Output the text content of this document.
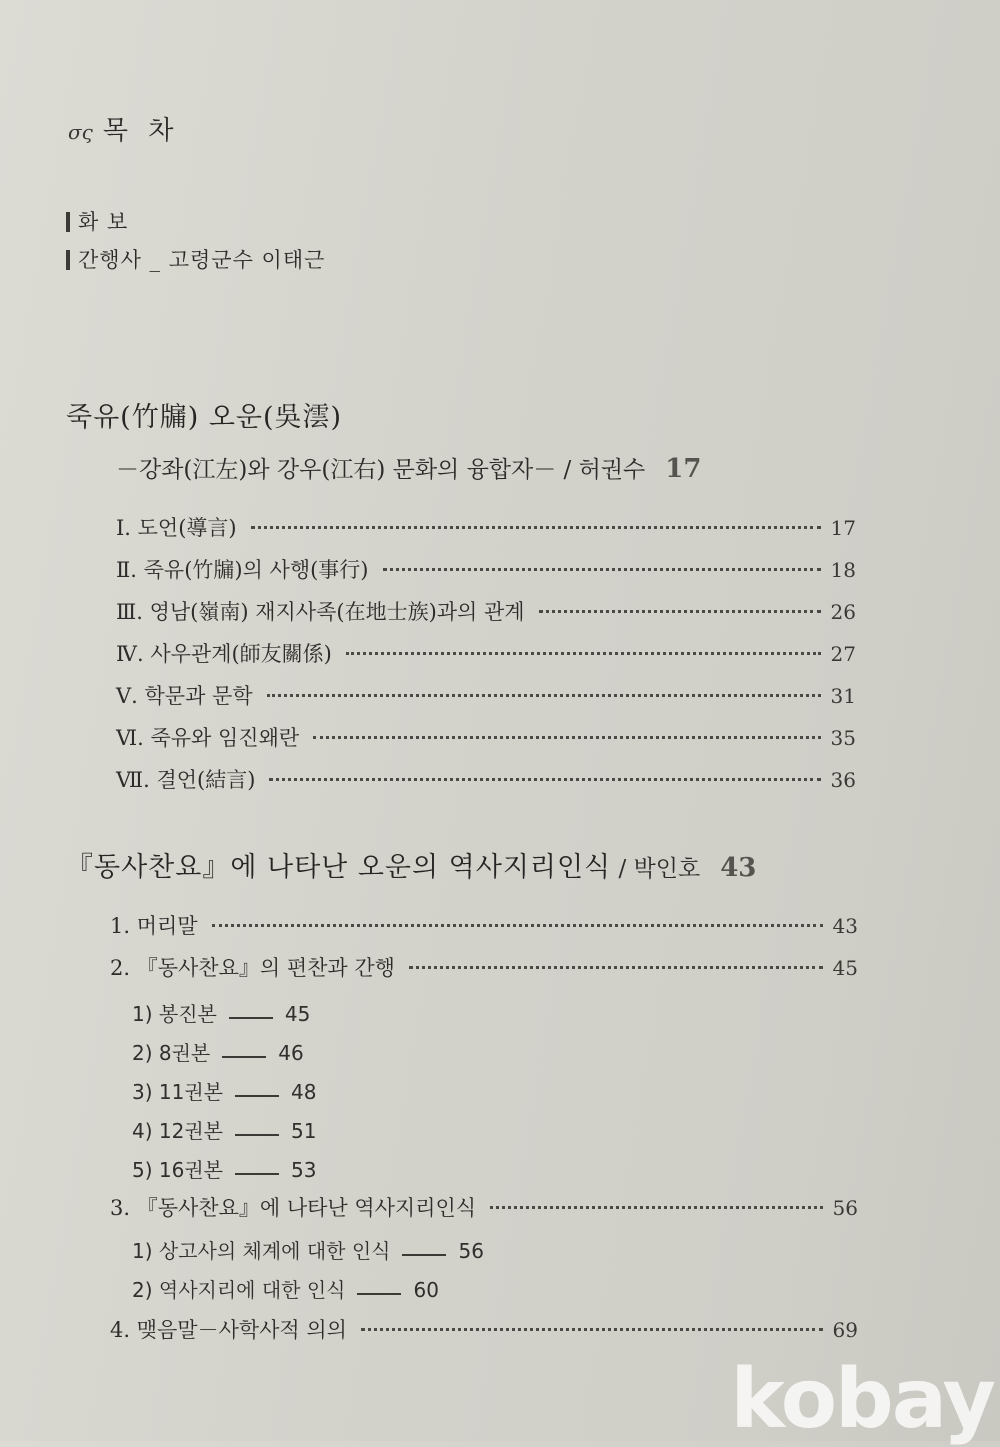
σς 목 차
화 보
간행사 _ 고령군수 이태근
죽유(竹牖) 오운(吳澐)
－강좌(江左)와 강우(江右) 문화의 융합자－ / 허권수 17
Ⅰ. 도언(導言)	17
Ⅱ. 죽유(竹牖)의 사행(事行)	18
Ⅲ. 영남(嶺南) 재지사족(在地士族)과의 관계	26
Ⅳ. 사우관계(師友關係)	27
Ⅴ. 학문과 문학	31
Ⅵ. 죽유와 임진왜란	35
Ⅶ. 결언(結言)	36
『동사찬요』에 나타난 오운의 역사지리인식 / 박인호 43
1. 머리말	43
2. 『동사찬요』의 편찬과 간행	45
1) 봉진본	45
2) 8권본	46
3) 11권본	48
4) 12권본	51
5) 16권본	53
3. 『동사찬요』에 나타난 역사지리인식	56
1) 상고사의 체계에 대한 인식	56
2) 역사지리에 대한 인식	60
4. 맺음말－사학사적 의의	69
kobay
